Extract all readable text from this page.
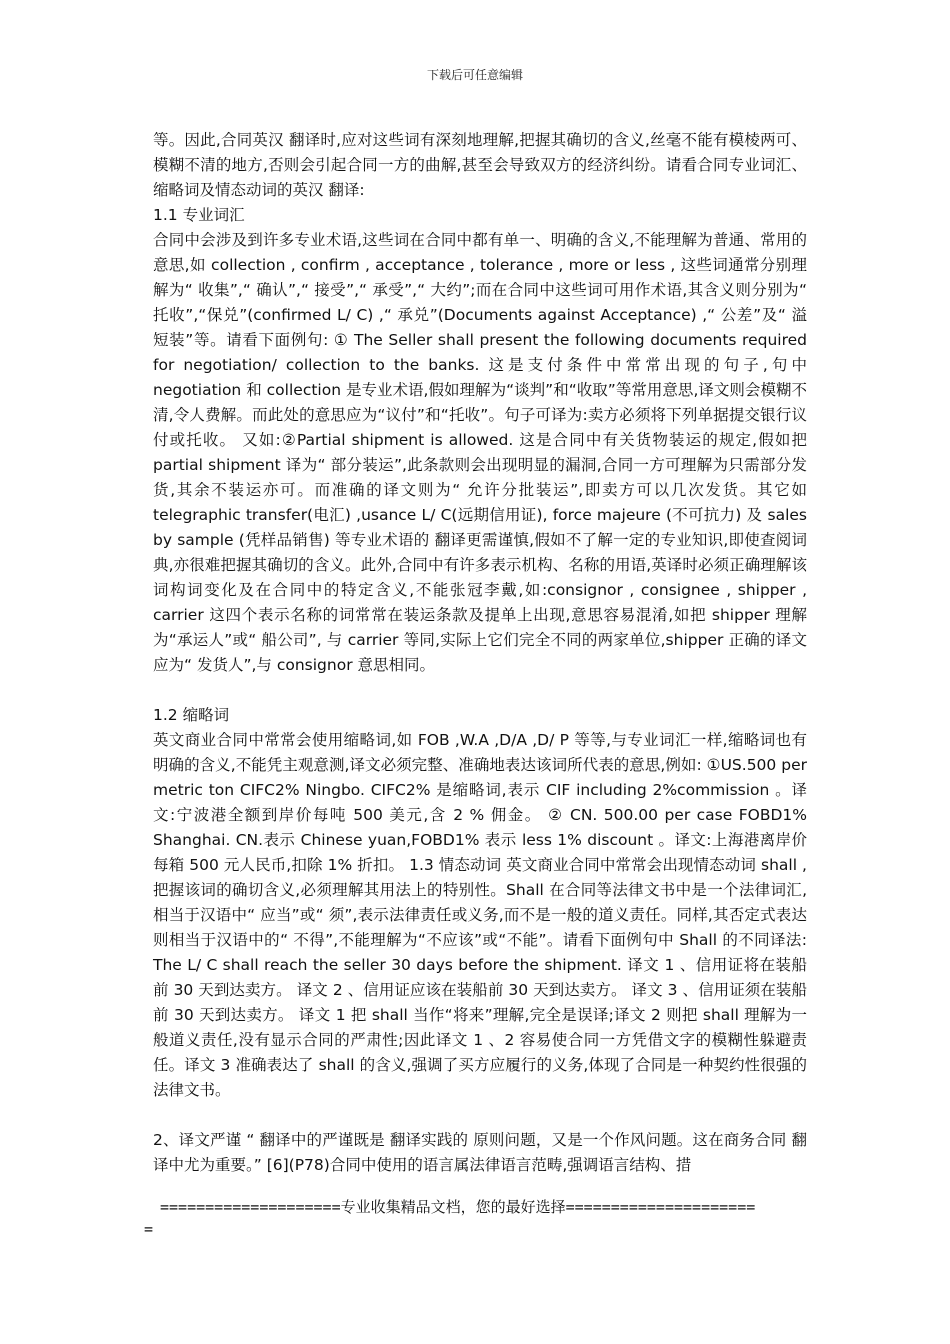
下载后可任意编辑

等。因此,合同英汉 翻译时,应对这些词有深刻地理解,把握其确切的含义,丝毫不能有模棱两可、模糊不清的地方,否则会引起合同一方的曲解,甚至会导致双方的经济纠纷。请看合同专业词汇、缩略词及情态动词的英汉 翻译:

1.1 专业词汇

合同中会涉及到许多专业术语,这些词在合同中都有单一、明确的含义,不能理解为普通、常用的意思,如 collection , confirm , acceptance , tolerance , more or less , 这些词通常分别理解为“ 收集”,“ 确认”,“ 接受”,“ 承受”,“ 大约”;而在合同中这些词可用作术语,其含义则分别为“ 托收”,“保兑”(confirmed L/ C) ,“ 承兑”(Documents against Acceptance) ,“ 公差”及“ 溢短装”等。请看下面例句: ① The Seller shall present the following documents required for negotiation/ collection to the banks. 这是支付条件中常常出现的句子,句中 negotiation 和 collection 是专业术语,假如理解为“谈判”和“收取”等常用意思,译文则会模糊不清,令人费解。而此处的意思应为“议付”和“托收”。句子可译为:卖方必须将下列单据提交银行议付或托收。 又如:②Partial shipment is allowed. 这是合同中有关货物装运的规定,假如把 partial shipment 译为“ 部分装运”,此条款则会出现明显的漏洞,合同一方可理解为只需部分发货,其余不装运亦可。而准确的译文则为“ 允许分批装运”,即卖方可以几次发货。其它如 telegraphic transfer(电汇) ,usance L/ C(远期信用证), force majeure (不可抗力) 及 sales by sample (凭样品销售) 等专业术语的 翻译更需谨慎,假如不了解一定的专业知识,即使查阅词典,亦很难把握其确切的含义。此外,合同中有许多表示机构、名称的用语,英译时必须正确理解该词构词变化及在合同中的特定含义,不能张冠李戴,如:consignor , consignee , shipper , carrier 这四个表示名称的词常常在装运条款及提单上出现,意思容易混淆,如把 shipper 理解为“承运人”或“ 船公司”, 与 carrier 等同,实际上它们完全不同的两家单位,shipper 正确的译文应为“ 发货人”,与 consignor 意思相同。

1.2 缩略词

英文商业合同中常常会使用缩略词,如 FOB ,W.A ,D/A ,D/ P 等等,与专业词汇一样,缩略词也有明确的含义,不能凭主观意测,译文必须完整、准确地表达该词所代表的意思,例如: ①US.500 per metric ton CIFC2% Ningbo. CIFC2% 是缩略词,表示 CIF including 2%commission 。译文:宁波港全额到岸价每吨 500 美元,含 2 % 佣金。 ② CN. 500.00 per case FOBD1% Shanghai. CN.表示 Chinese yuan,FOBD1% 表示 less 1% discount 。译文:上海港离岸价每箱 500 元人民币,扣除 1% 折扣。 1.3 情态动词 英文商业合同中常常会出现情态动词 shall , 把握该词的确切含义,必须理解其用法上的特别性。Shall 在合同等法律文书中是一个法律词汇,相当于汉语中“ 应当”或“ 须”,表示法律责任或义务,而不是一般的道义责任。同样,其否定式表达则相当于汉语中的“ 不得”,不能理解为“不应该”或“不能”。请看下面例句中 Shall 的不同译法: The L/ C shall reach the seller 30 days before the shipment. 译文 1 、信用证将在装船前 30 天到达卖方。 译文 2 、信用证应该在装船前 30 天到达卖方。 译文 3 、信用证须在装船前 30 天到达卖方。 译文 1 把 shall 当作“将来”理解,完全是误译;译文 2 则把 shall 理解为一般道义责任,没有显示合同的严肃性;因此译文 1 、2 容易使合同一方凭借文字的模糊性躲避责任。译文 3 准确表达了 shall 的含义,强调了买方应履行的义务,体现了合同是一种契约性很强的法律文书。

2、译文严谨 “ 翻译中的严谨既是 翻译实践的 原则问题，又是一个作风问题。这在商务合同 翻译中尤为重要。” [6](P78)合同中使用的语言属法律语言范畴,强调语言结构、措

====================专业收集精品文档，您的最好选择=====================
=
